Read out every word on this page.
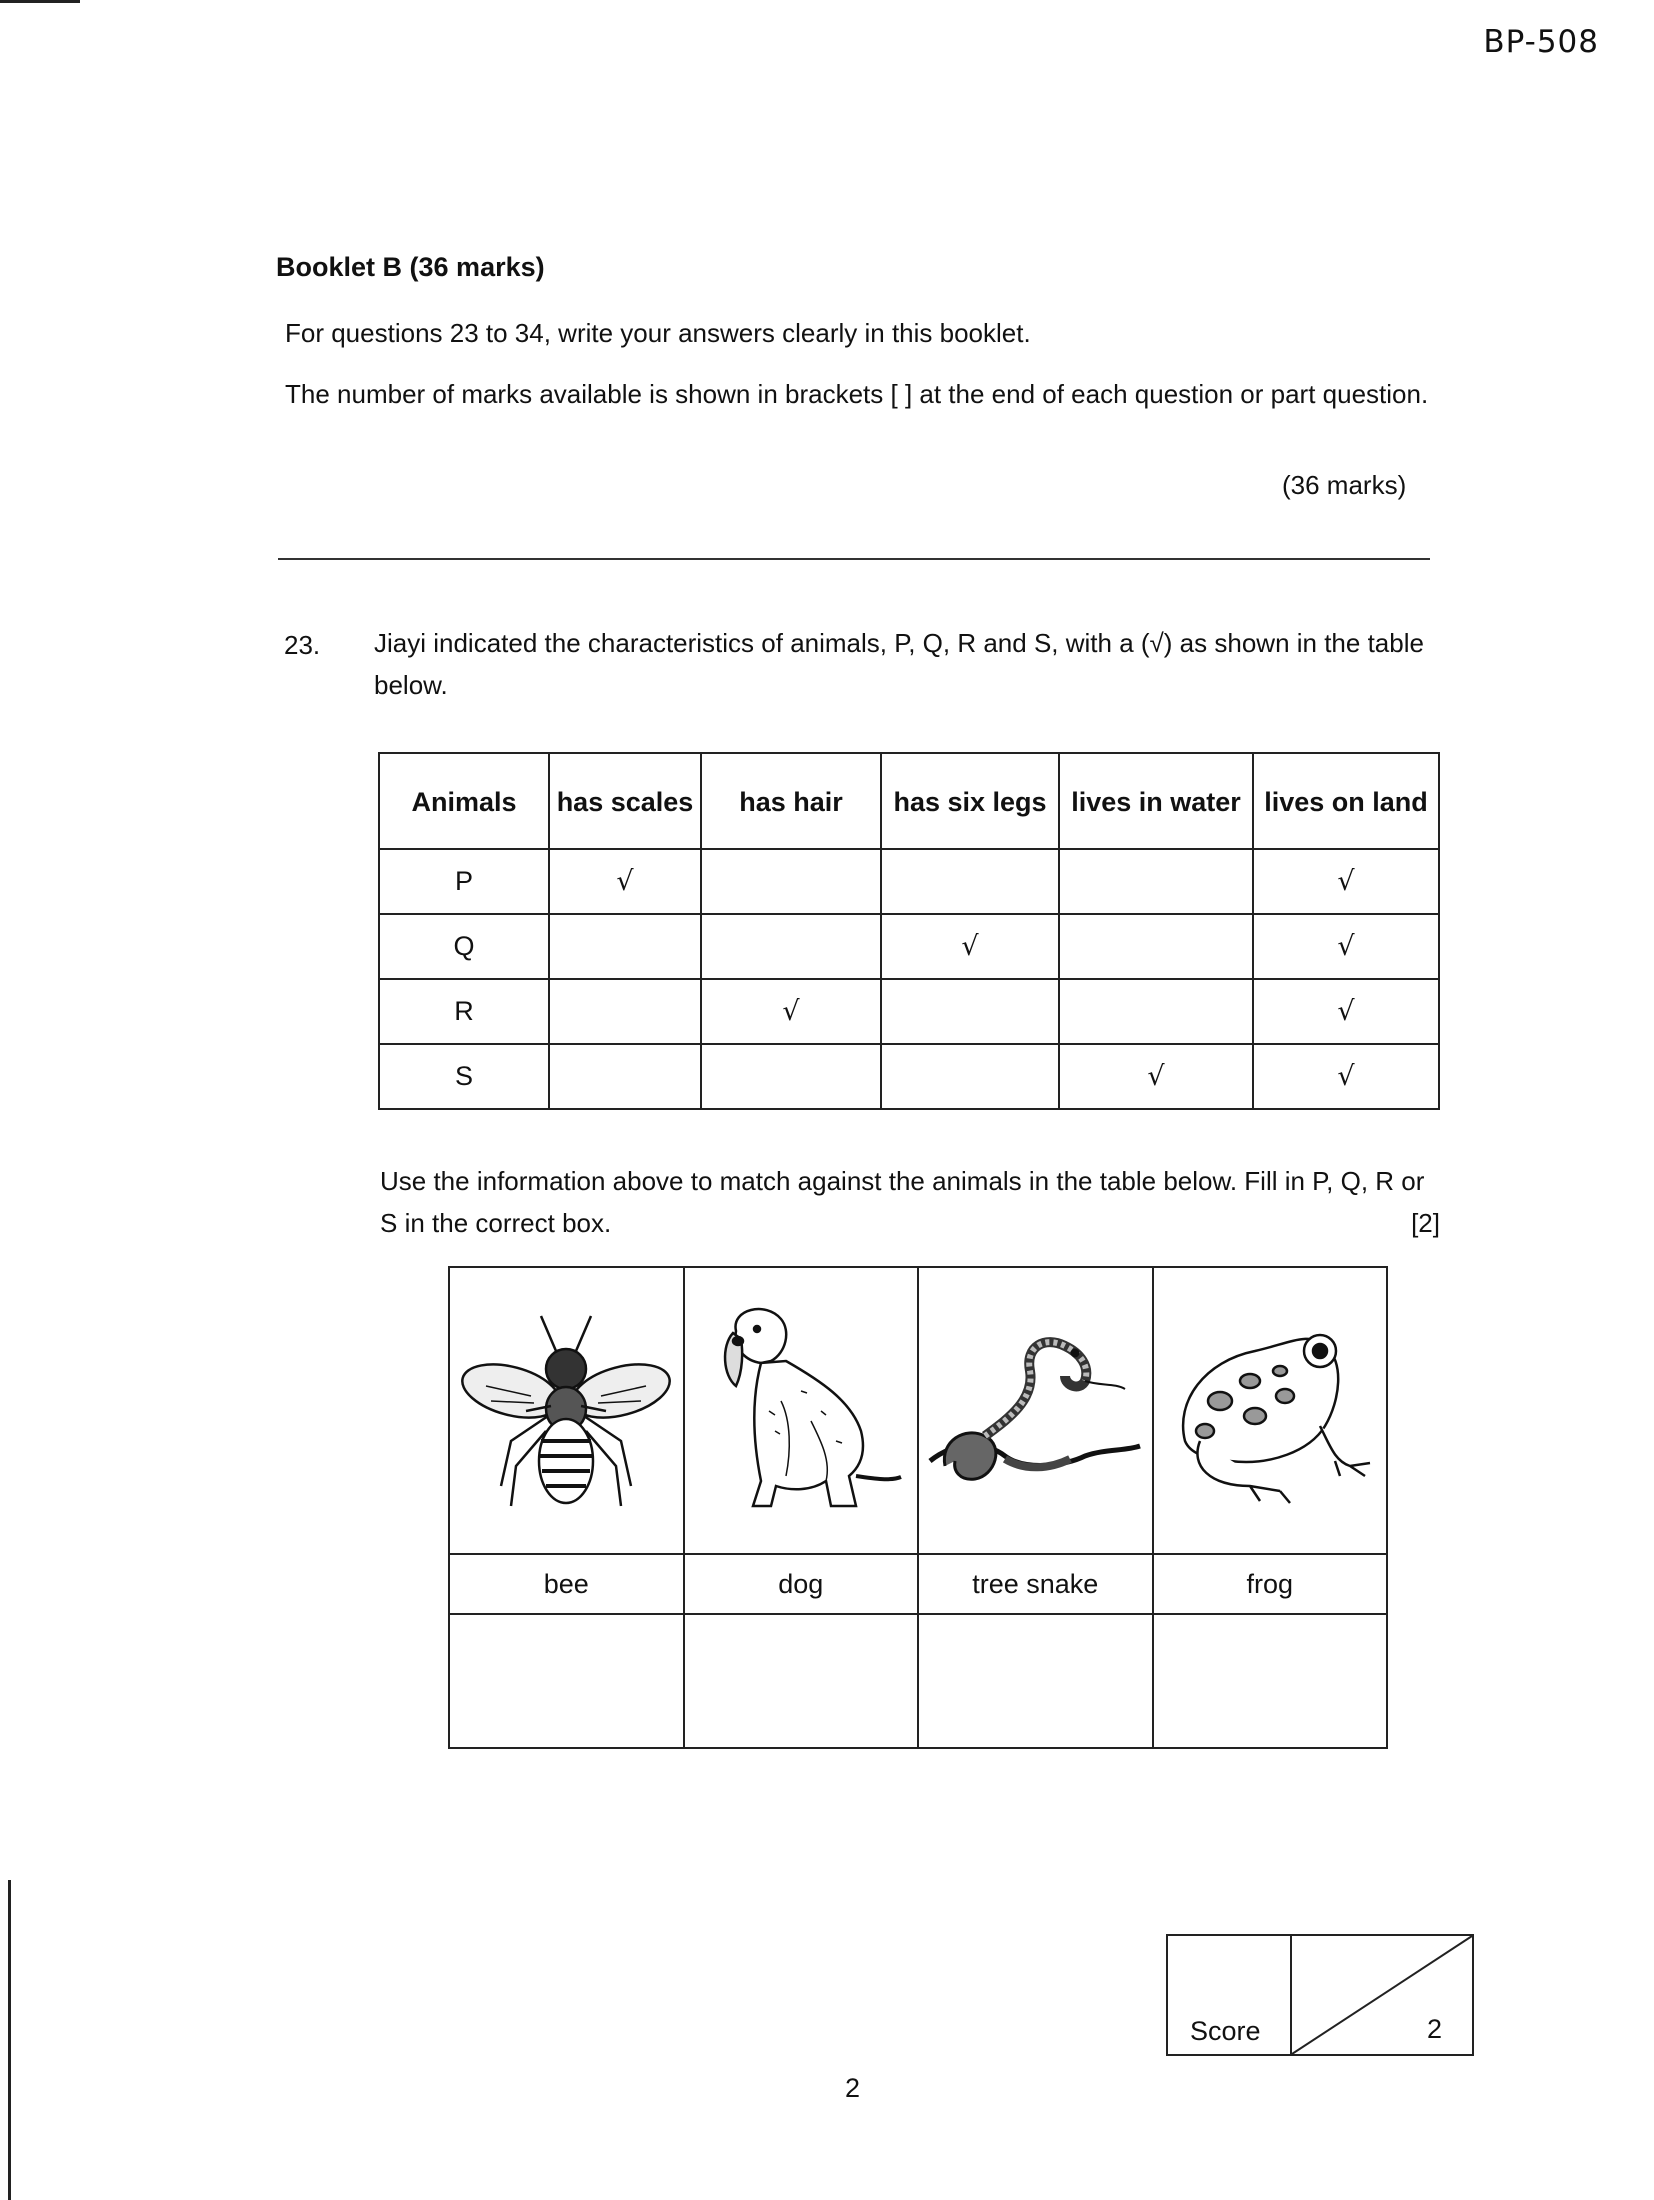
BP-508
Booklet B (36 marks)
For questions 23 to 34, write your answers clearly in this booklet.
The number of marks available is shown in brackets [ ] at the end of each question or part question.
(36 marks)
23. Jiayi indicated the characteristics of animals, P, Q, R and S, with a (√) as shown in the table below.
Animals	has scales	has hair	has six legs	lives in water	lives on land
P	√				√
Q			√		√
R		√			√
S				√	√
Use the information above to match against the animals in the table below. Fill in P, Q, R or S in the correct box.	[2]

bee	dog	tree snake	frog

Score	2
2
